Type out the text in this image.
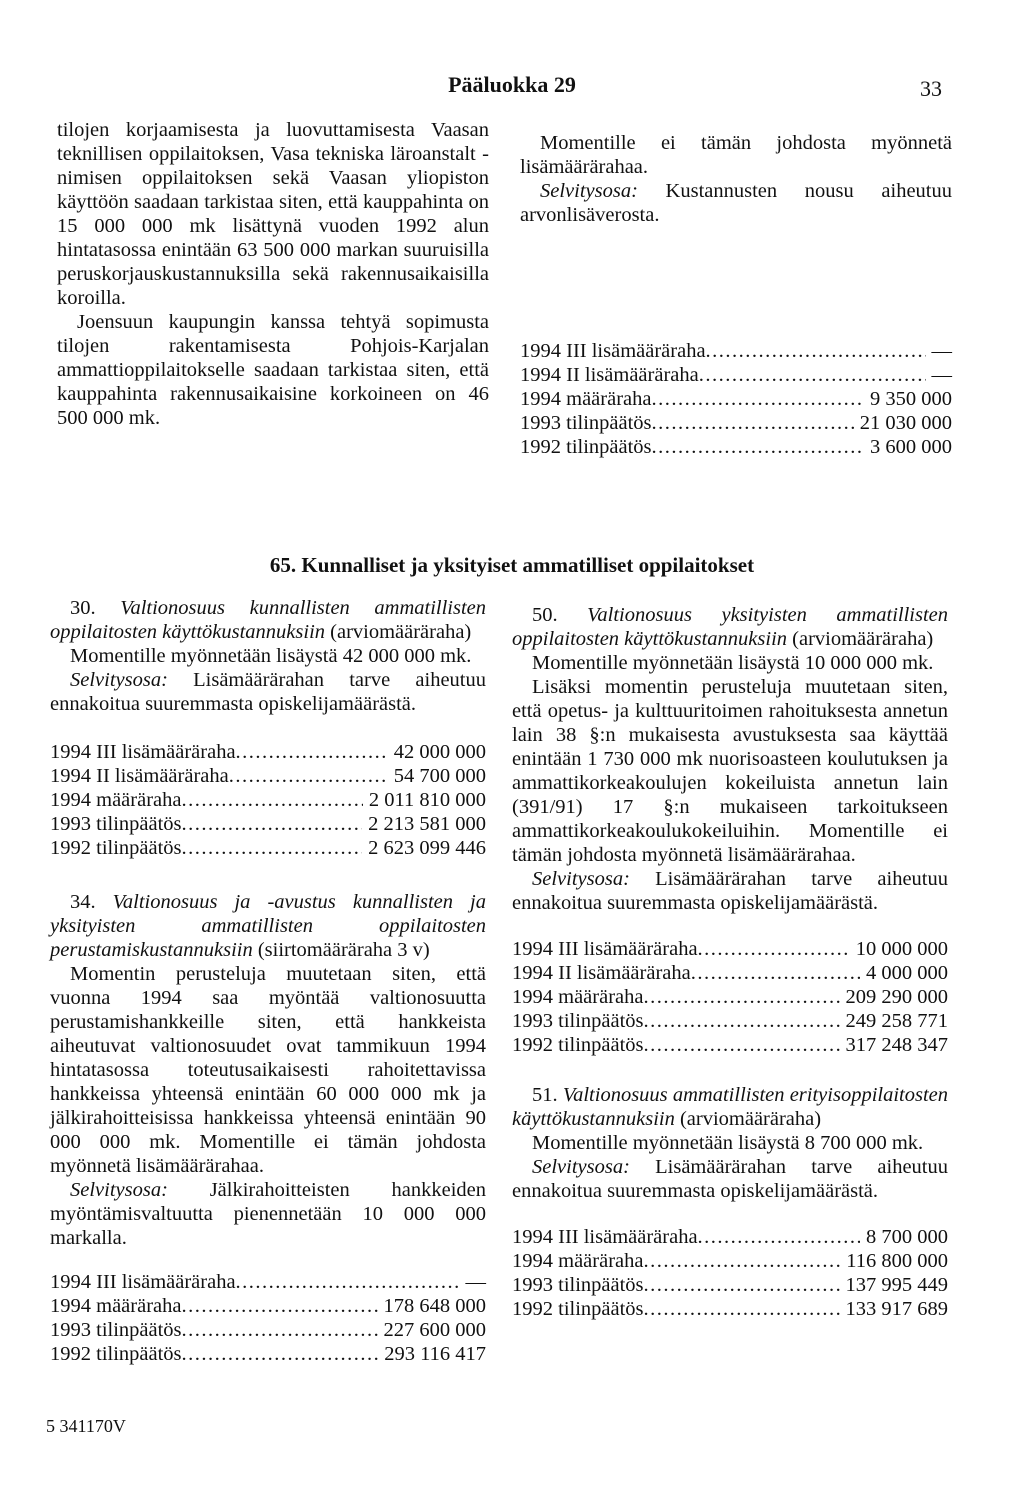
Pääluokka 29	33

tilojen korjaamisesta ja luovuttamisesta Vaasan teknillisen oppilaitoksen, Vasa tekniska läroanstalt -nimisen oppilaitoksen sekä Vaasan yliopiston käyttöön saadaan tarkistaa siten, että kauppahinta on 15 000 000 mk lisättynä vuoden 1992 alun hintatasossa enintään 63 500 000 markan suuruisilla peruskorjauskustannuksilla sekä rakennusaikaisilla koroilla.

Joensuun kaupungin kanssa tehtyä sopimusta tilojen rakentamisesta Pohjois-Karjalan ammattioppilaitokselle saadaan tarkistaa siten, että kauppahinta rakennusaikaisine korkoineen on 46 500 000 mk.

Momentille ei tämän johdosta myönnetä lisämäärärahaa.

Selvitysosa: Kustannusten nousu aiheutuu arvonlisäverosta.

1994 III lisämääräraha .....	—
1994 II lisämääräraha .....	—
1994 määräraha .....	9 350 000
1993 tilinpäätös .....	21 030 000
1992 tilinpäätös .....	3 600 000
65. Kunnalliset ja yksityiset ammatilliset oppilaitokset

30. Valtionosuus kunnallisten ammatillisten oppilaitosten käyttökustannuksiin (arviomääräraha)

Momentille myönnetään lisäystä 42 000 000 mk.

Selvitysosa: Lisämäärärahan tarve aiheutuu ennakoitua suuremmasta opiskelijamäärästä.

1994 III lisämääräraha .....	42 000 000
1994 II lisämääräraha .....	54 700 000
1994 määräraha .....	2 011 810 000
1993 tilinpäätös .....	2 213 581 000
1992 tilinpäätös .....	2 623 099 446

34. Valtionosuus ja -avustus kunnallisten ja yksityisten ammatillisten oppilaitosten perustamiskustannuksiin (siirtomääräraha 3 v)

Momentin perusteluja muutetaan siten, että vuonna 1994 saa myöntää valtionosuutta perustamishankkeille siten, että hankkeista aiheutuvat valtionosuudet ovat tammikuun 1994 hintatasossa toteutusaikaisesti rahoitettavissa hankkeissa yhteensä enintään 60 000 000 mk ja jälkirahoitteisissa hankkeissa yhteensä enintään 90 000 000 mk. Momentille ei tämän johdosta myönnetä lisämäärärahaa.

Selvitysosa: Jälkirahoitteisten hankkeiden myöntämisvaltuutta pienennetään 10 000 000 markalla.

1994 III lisämääräraha .....	—
1994 määräraha .....	178 648 000
1993 tilinpäätös .....	227 600 000
1992 tilinpäätös .....	293 116 417

50. Valtionosuus yksityisten ammatillisten oppilaitosten käyttökustannuksiin (arviomääräraha)

Momentille myönnetään lisäystä 10 000 000 mk.

Lisäksi momentin perusteluja muutetaan siten, että opetus- ja kulttuuritoimen rahoituksesta annetun lain 38 §:n mukaisesta avustuksesta saa käyttää enintään 1 730 000 mk nuorisoasteen koulutuksen ja ammattikorkeakoulujen kokeiluista annetun lain (391/91) 17 §:n mukaiseen tarkoitukseen ammattikorkeakoulukokeiluihin. Momentille ei tämän johdosta myönnetä lisämäärärahaa.

Selvitysosa: Lisämäärärahan tarve aiheutuu ennakoitua suuremmasta opiskelijamäärästä.

1994 III lisämääräraha .....	10 000 000
1994 II lisämääräraha .....	4 000 000
1994 määräraha .....	209 290 000
1993 tilinpäätös .....	249 258 771
1992 tilinpäätös .....	317 248 347

51. Valtionosuus ammatillisten erityisoppilaitosten käyttökustannuksiin (arviomääräraha)

Momentille myönnetään lisäystä 8 700 000 mk.

Selvitysosa: Lisämäärärahan tarve aiheutuu ennakoitua suuremmasta opiskelijamäärästä.

1994 III lisämääräraha .....	8 700 000
1994 määräraha .....	116 800 000
1993 tilinpäätös .....	137 995 449
1992 tilinpäätös .....	133 917 689
5 341170V
